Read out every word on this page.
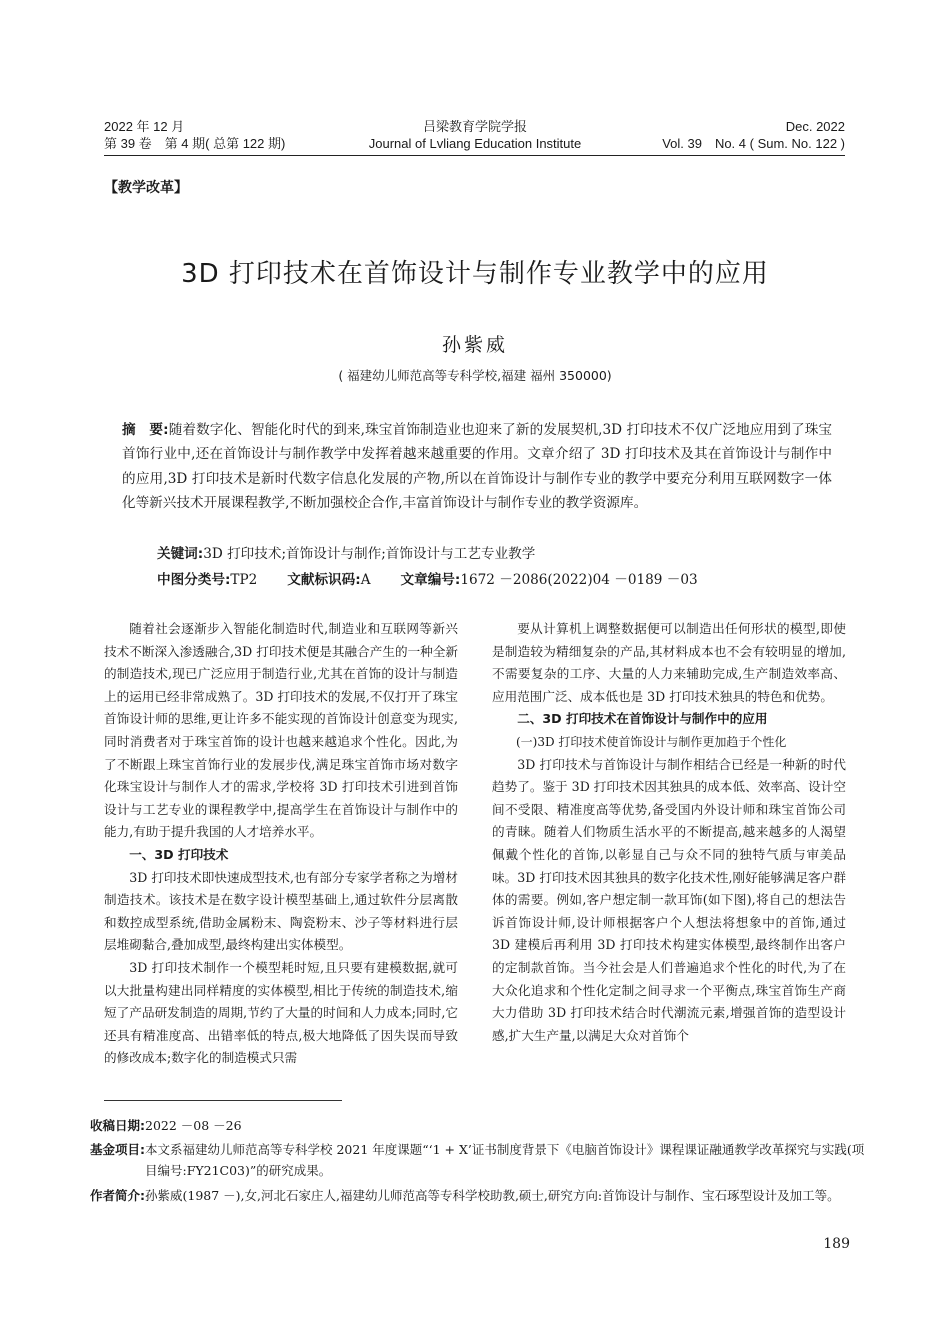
2022 年 12 月
第 39 卷　第 4 期( 总第 122 期)
吕梁教育学院学报
Journal of Lvliang Education Institute
Dec. 2022
Vol. 39　No. 4 ( Sum. No. 122 )
【教学改革】
3D 打印技术在首饰设计与制作专业教学中的应用
孙紫威
( 福建幼儿师范高等专科学校,福建 福州 350000)
摘　要:随着数字化、智能化时代的到来,珠宝首饰制造业也迎来了新的发展契机,3D 打印技术不仅广泛地应用到了珠宝首饰行业中,还在首饰设计与制作教学中发挥着越来越重要的作用。文章介绍了 3D 打印技术及其在首饰设计与制作中的应用,3D 打印技术是新时代数字信息化发展的产物,所以在首饰设计与制作专业的教学中要充分利用互联网数字一体化等新兴技术开展课程教学,不断加强校企合作,丰富首饰设计与制作专业的教学资源库。
关键词:3D 打印技术;首饰设计与制作;首饰设计与工艺专业教学
中图分类号:TP2 文献标识码:A 文章编号:1672 －2086(2022)04 －0189 －03

随着社会逐渐步入智能化制造时代,制造业和互联网等新兴技术不断深入渗透融合,3D 打印技术便是其融合产生的一种全新的制造技术,现已广泛应用于制造行业,尤其在首饰的设计与制造上的运用已经非常成熟了。3D 打印技术的发展,不仅打开了珠宝首饰设计师的思维,更让许多不能实现的首饰设计创意变为现实,同时消费者对于珠宝首饰的设计也越来越追求个性化。因此,为了不断跟上珠宝首饰行业的发展步伐,满足珠宝首饰市场对数字化珠宝设计与制作人才的需求,学校将 3D 打印技术引进到首饰设计与工艺专业的课程教学中,提高学生在首饰设计与制作中的能力,有助于提升我国的人才培养水平。

一、3D 打印技术

3D 打印技术即快速成型技术,也有部分专家学者称之为增材制造技术。该技术是在数字设计模型基础上,通过软件分层离散和数控成型系统,借助金属粉末、陶瓷粉末、沙子等材料进行层层堆砌黏合,叠加成型,最终构建出实体模型。

3D 打印技术制作一个模型耗时短,且只要有建模数据,就可以大批量构建出同样精度的实体模型,相比于传统的制造技术,缩短了产品研发制造的周期,节约了大量的时间和人力成本;同时,它还具有精准度高、出错率低的特点,极大地降低了因失误而导致的修改成本;数字化的制造模式只需

要从计算机上调整数据便可以制造出任何形状的模型,即使是制造较为精细复杂的产品,其材料成本也不会有较明显的增加,不需要复杂的工序、大量的人力来辅助完成,生产制造效率高、应用范围广泛、成本低也是 3D 打印技术独具的特色和优势。

二、3D 打印技术在首饰设计与制作中的应用
(一)3D 打印技术使首饰设计与制作更加趋于个性化

3D 打印技术与首饰设计与制作相结合已经是一种新的时代趋势了。鉴于 3D 打印技术因其独具的成本低、效率高、设计空间不受限、精准度高等优势,备受国内外设计师和珠宝首饰公司的青睐。随着人们物质生活水平的不断提高,越来越多的人渴望佩戴个性化的首饰,以彰显自己与众不同的独特气质与审美品味。3D 打印技术因其独具的数字化技术性,刚好能够满足客户群体的需要。例如,客户想定制一款耳饰(如下图),将自己的想法告诉首饰设计师,设计师根据客户个人想法将想象中的首饰,通过 3D 建模后再利用 3D 打印技术构建实体模型,最终制作出客户的定制款首饰。当今社会是人们普遍追求个性化的时代,为了在大众化追求和个性化定制之间寻求一个平衡点,珠宝首饰生产商大力借助 3D 打印技术结合时代潮流元素,增强首饰的造型设计感,扩大生产量,以满足大众对首饰个

收稿日期:2022 －08 －26
基金项目: 本文系福建幼儿师范高等专科学校 2021 年度课题“‘1 + X’证书制度背景下《电脑首饰设计》课程课证融通教学改革探究与实践(项目编号:FY21C03)”的研究成果。
作者简介: 孙紫威(1987 －),女,河北石家庄人,福建幼儿师范高等专科学校助教,硕士,研究方向:首饰设计与制作、宝石琢型设计及加工等。
189
